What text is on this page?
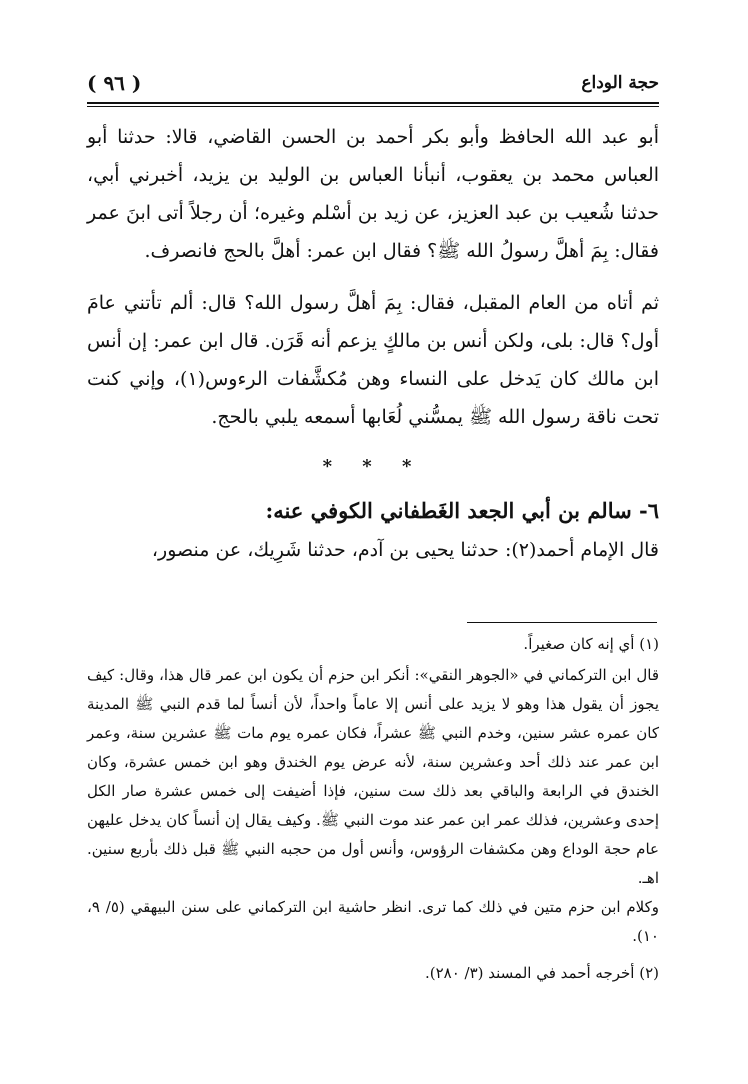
حجة الوداع
( ٩٦ )

أبو عبد الله الحافظ وأبو بكر أحمد بن الحسن القاضي، قالا: حدثنا أبو العباس محمد بن يعقوب، أنبأنا العباس بن الوليد بن يزيد، أخبرني أبي، حدثنا شُعيب بن عبد العزيز، عن زيد بن أسْلم وغيره؛ أن رجلاً أتى ابنَ عمر فقال: بِمَ أهلَّ رسولُ الله ﷺ؟ فقال ابن عمر: أهلَّ بالحج فانصرف.

ثم أتاه من العام المقبل، فقال: بِمَ أهلَّ رسول الله؟ قال: ألم تأتني عامَ أول؟ قال: بلى، ولكن أنس بن مالكٍ يزعم أنه قَرَن. قال ابن عمر: إن أنس ابن مالك كان يَدخل على النساء وهن مُكشَّفات الرءوس(١)، وإني كنت تحت ناقة رسول الله ﷺ يمسُّني لُعَابها أسمعه يلبي بالحج.

* * *
٦- سالم بن أبي الجعد الغَطفاني الكوفي عنه:

قال الإمام أحمد(٢): حدثنا يحيى بن آدم، حدثنا شَرِيك، عن منصور،

(١) أي إنه كان صغيراً.

قال ابن التركماني في «الجوهر النقي»: أنكر ابن حزم أن يكون ابن عمر قال هذا، وقال: كيف يجوز أن يقول هذا وهو لا يزيد على أنس إلا عاماً واحداً، لأن أنساً لما قدم النبي ﷺ المدينة كان عمره عشر سنين، وخدم النبي ﷺ عشراً، فكان عمره يوم مات ﷺ عشرين سنة، وعمر ابن عمر عند ذلك أحد وعشرين سنة، لأنه عرض يوم الخندق وهو ابن خمس عشرة، وكان الخندق في الرابعة والباقي بعد ذلك ست سنين، فإذا أضيفت إلى خمس عشرة صار الكل إحدى وعشرين، فذلك عمر ابن عمر عند موت النبي ﷺ. وكيف يقال إن أنساً كان يدخل عليهن عام حجة الوداع وهن مكشفات الرؤوس، وأنس أول من حجبه النبي ﷺ قبل ذلك بأربع سنين. اهـ.

وكلام ابن حزم متين في ذلك كما ترى. انظر حاشية ابن التركماني على سنن البيهقي (٥/ ٩، ١٠).

(٢) أخرجه أحمد في المسند (٣/ ٢٨٠).
